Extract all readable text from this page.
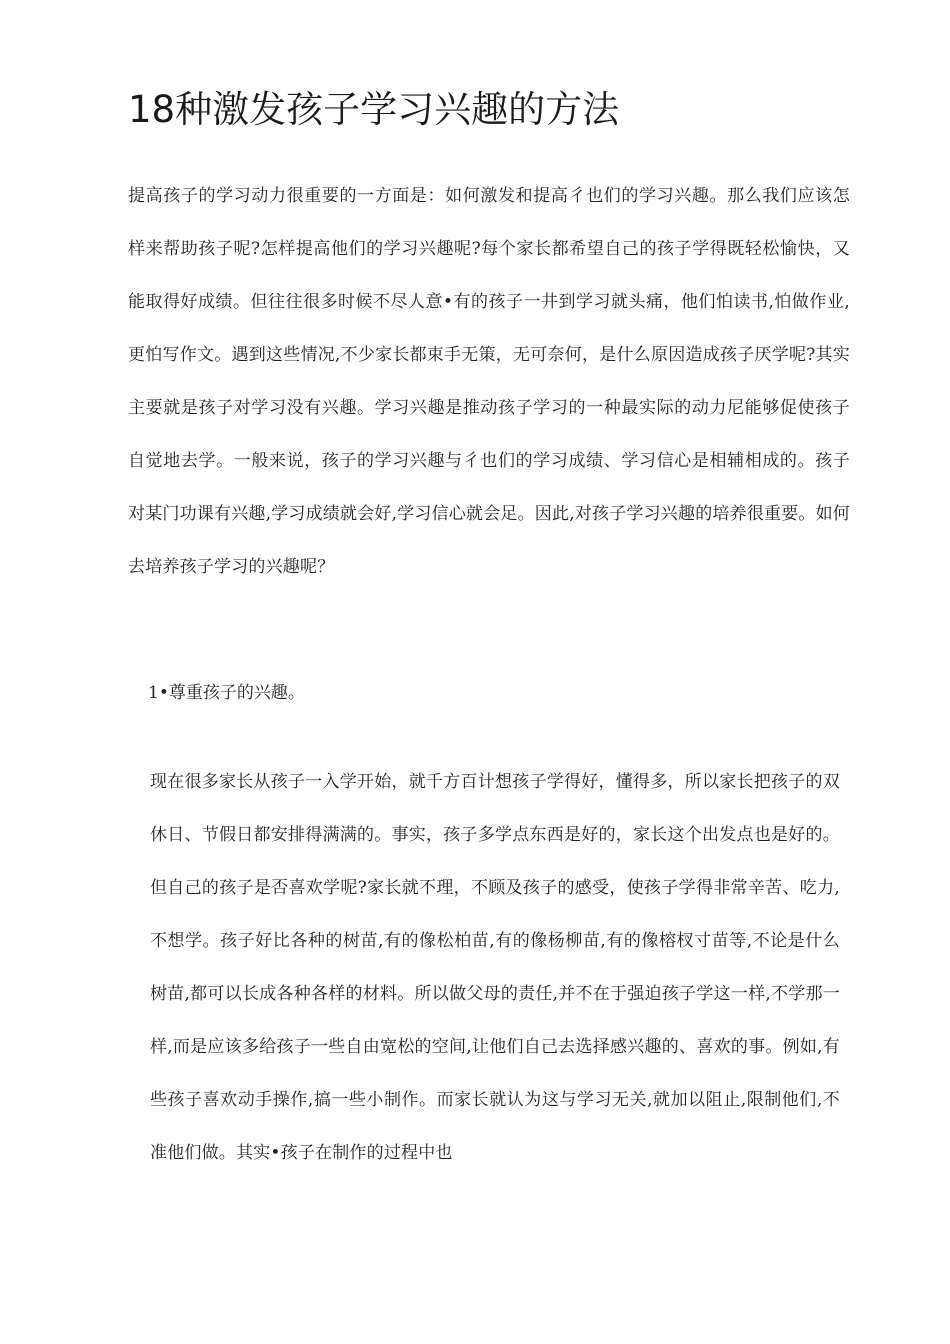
18种激发孩子学习兴趣的方法

提高孩子的学习动力很重要的一方面是：如何激发和提高彳也们的学习兴趣。那么我们应该怎样来帮助孩子呢?怎样提高他们的学习兴趣呢?每个家长都希望自己的孩子学得既轻松愉快，又能取得好成绩。但往往很多时候不尽人意•有的孩子一井到学习就头痛，他们怕读书,怕做作业,更怕写作文。遇到这些情况,不少家长都束手无策，无可奈何，是什么原因造成孩子厌学呢?其实主要就是孩子对学习没有兴趣。学习兴趣是推动孩子学习的一种最实际的动力尼能够促使孩子自觉地去学。一般来说，孩子的学习兴趣与彳也们的学习成绩、学习信心是相辅相成的。孩子对某门功课有兴趣,学习成绩就会好,学习信心就会足。因此,对孩子学习兴趣的培养很重要。如何去培养孩子学习的兴趣呢？

1•尊重孩子的兴趣。

现在很多家长从孩子一入学开始，就千方百计想孩子学得好，懂得多，所以家长把孩子的双休日、节假日都安排得满满的。事实，孩子多学点东西是好的，家长这个出发点也是好的。但自己的孩子是否喜欢学呢?家长就不理，不顾及孩子的感受，使孩子学得非常辛苦、吃力,不想学。孩子好比各种的树苗,有的像松柏苗,有的像杨柳苗,有的像榕杈寸苗等,不论是什么树苗,都可以长成各种各样的材料。所以做父母的责任,并不在于强迫孩子学这一样,不学那一样,而是应该多给孩子一些自由宽松的空间,让他们自己去选择感兴趣的、喜欢的事。例如,有些孩子喜欢动手操作,搞一些小制作。而家长就认为这与学习无关,就加以阻止,限制他们,不准他们做。其实•孩子在制作的过程中也
